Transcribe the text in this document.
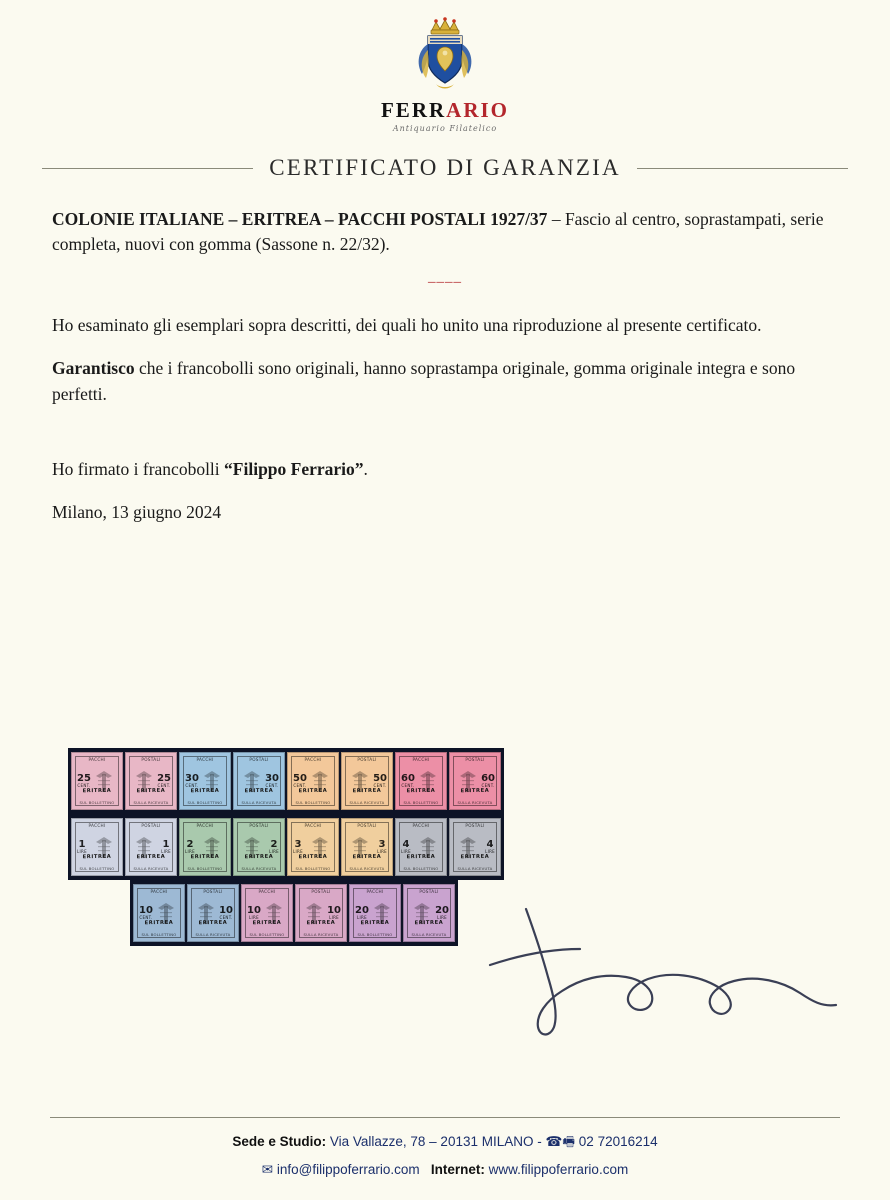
FERRARIO
Antiquario Filatelico
CERTIFICATO DI GARANZIA
COLONIE ITALIANE – ERITREA – PACCHI POSTALI 1927/37 – Fascio al centro, soprastampati, serie completa, nuovi con gomma (Sassone n. 22/32).
––––
Ho esaminato gli esemplari sopra descritti, dei quali ho unito una riproduzione al presente certificato.
Garantisco che i francobolli sono originali, hanno soprastampa originale, gomma originale integra e sono perfetti.
Ho firmato i francobolli “Filippo Ferrario”.
Milano, 13 giugno 2024
PACCHI
SUL BOLLETTINO
25
CENT.
ERITREA
POSTALI
SULLA RICEVUTA
25
CENT.
ERITREA
PACCHI
SUL BOLLETTINO
30
CENT.
ERITREA
POSTALI
SULLA RICEVUTA
30
CENT.
ERITREA
PACCHI
SUL BOLLETTINO
50
CENT.
ERITREA
POSTALI
SULLA RICEVUTA
50
CENT.
ERITREA
PACCHI
SUL BOLLETTINO
60
CENT.
ERITREA
POSTALI
SULLA RICEVUTA
60
CENT.
ERITREA
PACCHI
SUL BOLLETTINO
1
LIRE
ERITREA
POSTALI
SULLA RICEVUTA
1
LIRE
ERITREA
PACCHI
SUL BOLLETTINO
2
LIRE
ERITREA
POSTALI
SULLA RICEVUTA
2
LIRE
ERITREA
PACCHI
SUL BOLLETTINO
3
LIRE
ERITREA
POSTALI
SULLA RICEVUTA
3
LIRE
ERITREA
PACCHI
SUL BOLLETTINO
4
LIRE
ERITREA
POSTALI
SULLA RICEVUTA
4
LIRE
ERITREA
PACCHI
SUL BOLLETTINO
10
CENT.
ERITREA
POSTALI
SULLA RICEVUTA
10
CENT.
ERITREA
PACCHI
SUL BOLLETTINO
10
LIRE
ERITREA
POSTALI
SULLA RICEVUTA
10
LIRE
ERITREA
PACCHI
SUL BOLLETTINO
20
LIRE
ERITREA
POSTALI
SULLA RICEVUTA
20
LIRE
ERITREA
Sede e Studio: Via Vallazze, 78 – 20131 MILANO - ☎🖷 02 72016214
✉ info@filippoferrario.com Internet: www.filippoferrario.com
